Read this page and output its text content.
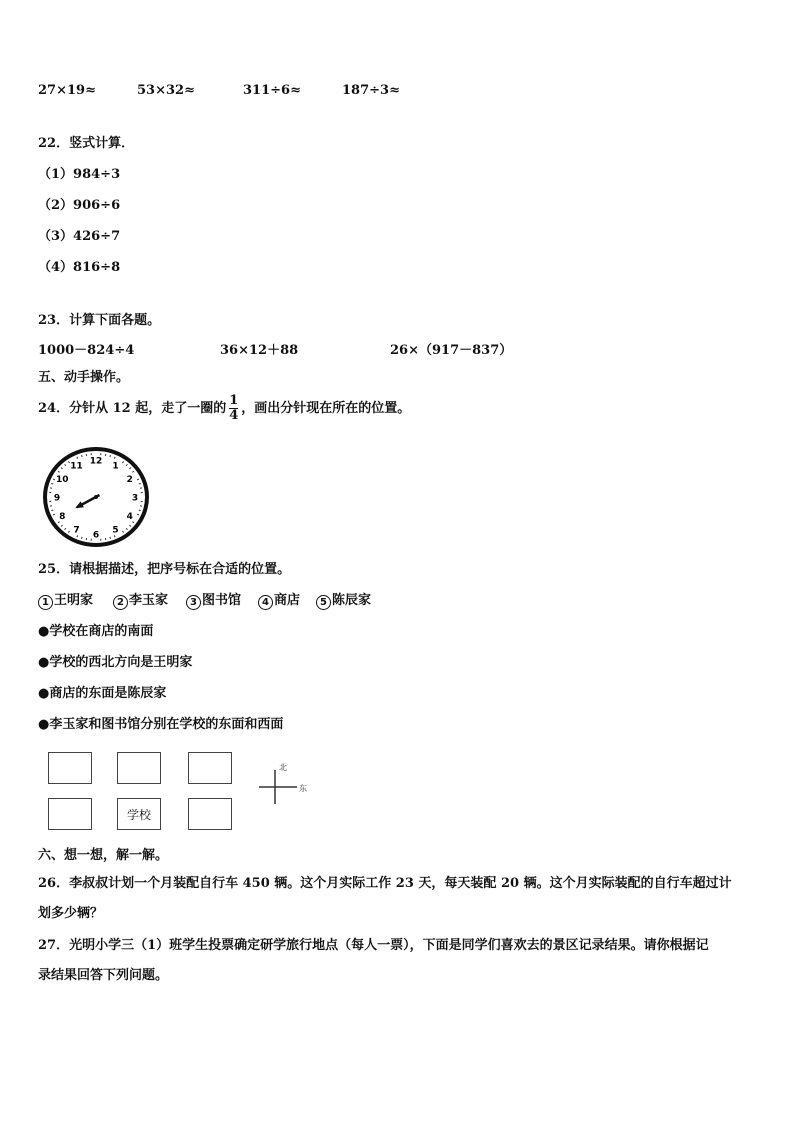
27×19≈	53×32≈	311÷6≈	187÷3≈
22．竖式计算．
（1）984÷3
（2）906÷6
（3）426÷7
（4）816÷8
23．计算下面各题。
1000－824÷4	36×12＋88	26×（917－837）
五、动手操作。
24．分针从 12 起，走了一圈的 $\frac{1}{4}$ ，画出分针现在所在的位置。
12 1
2
3
4
5
6
7
8
9
10
11
25．请根据描述，把序号标在合适的位置。
1 王明家	2 李玉家	3 图书馆	4 商店	5 陈辰家
●学校在商店的南面
●学校的西北方向是王明家
●商店的东面是陈辰家
●李玉家和图书馆分别在学校的东面和西面
学校
北
东
六、想一想，解一解。
26．李叔叔计划一个月装配自行车 450 辆。这个月实际工作 23 天，每天装配 20 辆。这个月实际装配的自行车超过计
划多少辆？
27．光明小学三（1）班学生投票确定研学旅行地点（每人一票），下面是同学们喜欢去的景区记录结果。请你根据记
录结果回答下列问题。
